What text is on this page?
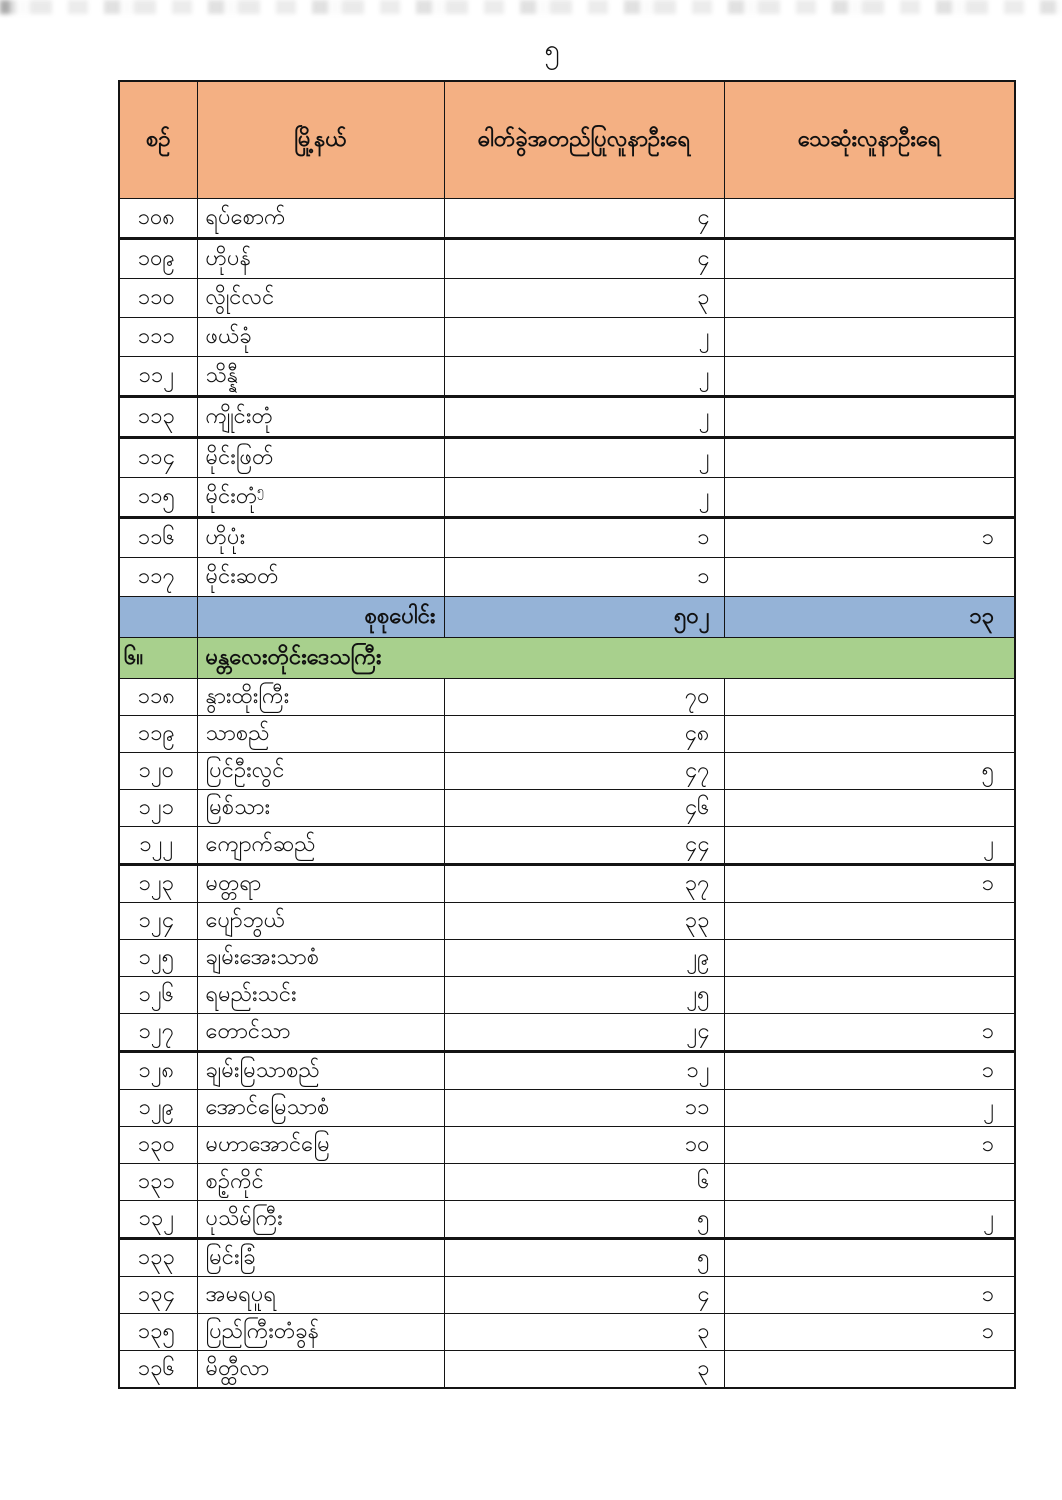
၅
စဉ်	မြို့နယ်	ဓါတ်ခွဲအတည်ပြုလူနာဦးရေ	သေဆုံးလူနာဦးရေ
၁၀၈	ရပ်စောက်	၄	
၁၀၉	ဟိုပန်	၄	
၁၁၀	လွိုင်လင်	၃	
၁၁၁	ဖယ်ခုံ	၂	
၁၁၂	သိန္နီ	၂	
၁၁၃	ကျိုင်းတုံ	၂	
၁၁၄	မိုင်းဖြတ်	၂	
၁၁၅	မိုင်းတုံ$^၅$	၂	
၁၁၆	ဟိုပုံး	၁	၁
၁၁၇	မိုင်းဆတ်	၁	
	စုစုပေါင်း	၅၀၂	၁၃
၆။	မန္တလေးတိုင်းဒေသကြီး		
၁၁၈	နွားထိုးကြီး	၇၀	
၁၁၉	သာစည်	၄၈	
၁၂၀	ပြင်ဦးလွင်	၄၇	၅
၁၂၁	မြစ်သား	၄၆	
၁၂၂	ကျောက်ဆည်	၄၄	၂
၁၂၃	မတ္တရာ	၃၇	၁
၁၂၄	ပျော်ဘွယ်	၃၃	
၁၂၅	ချမ်းအေးသာစံ	၂၉	
၁၂၆	ရမည်းသင်း	၂၅	
၁၂၇	တောင်သာ	၂၄	၁
၁၂၈	ချမ်းမြသာစည်	၁၂	၁
၁၂၉	အောင်မြေသာစံ	၁၁	၂
၁၃၀	မဟာအောင်မြေ	၁၀	၁
၁၃၁	စဉ့်ကိုင်	၆	
၁၃၂	ပုသိမ်ကြီး	၅	၂
၁၃၃	မြင်းခြံ	၅	
၁၃၄	အမရပူရ	၄	၁
၁၃၅	ပြည်ကြီးတံခွန်	၃	၁
၁၃၆	မိတ္ထီလာ	၃	
